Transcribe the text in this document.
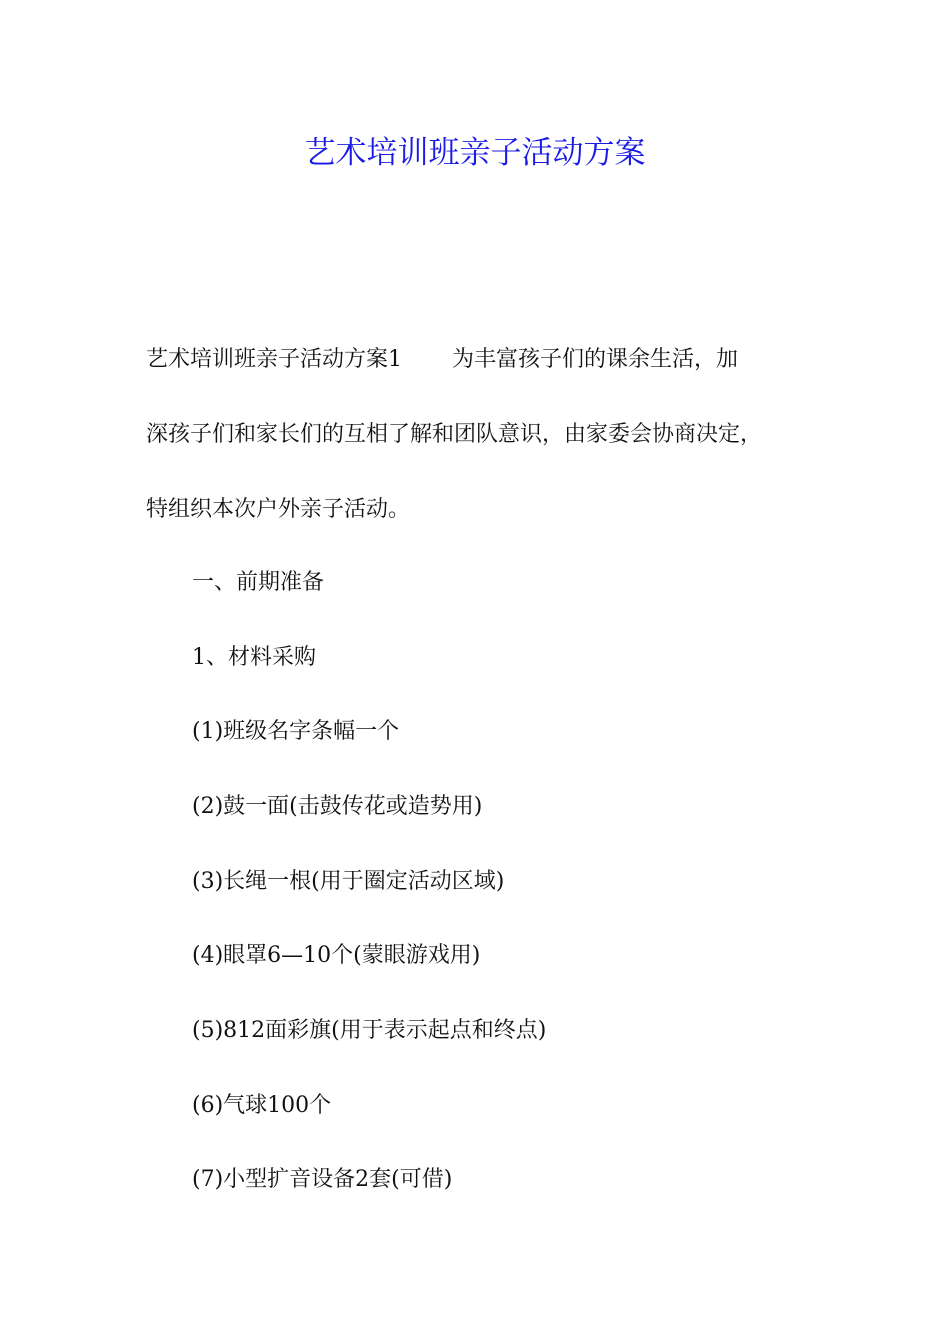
艺术培训班亲子活动方案
艺术培训班亲子活动方案1 为丰富孩子们的课余生活，加
深孩子们和家长们的互相了解和团队意识，由家委会协商决定，
特组织本次户外亲子活动。

一、前期准备

1、材料采购

(1)班级名字条幅一个

(2)鼓一面(击鼓传花或造势用)

(3)长绳一根(用于圈定活动区域)

(4)眼罩6—10个(蒙眼游戏用)

(5)812面彩旗(用于表示起点和终点)

(6)气球100个

(7)小型扩音设备2套(可借)
